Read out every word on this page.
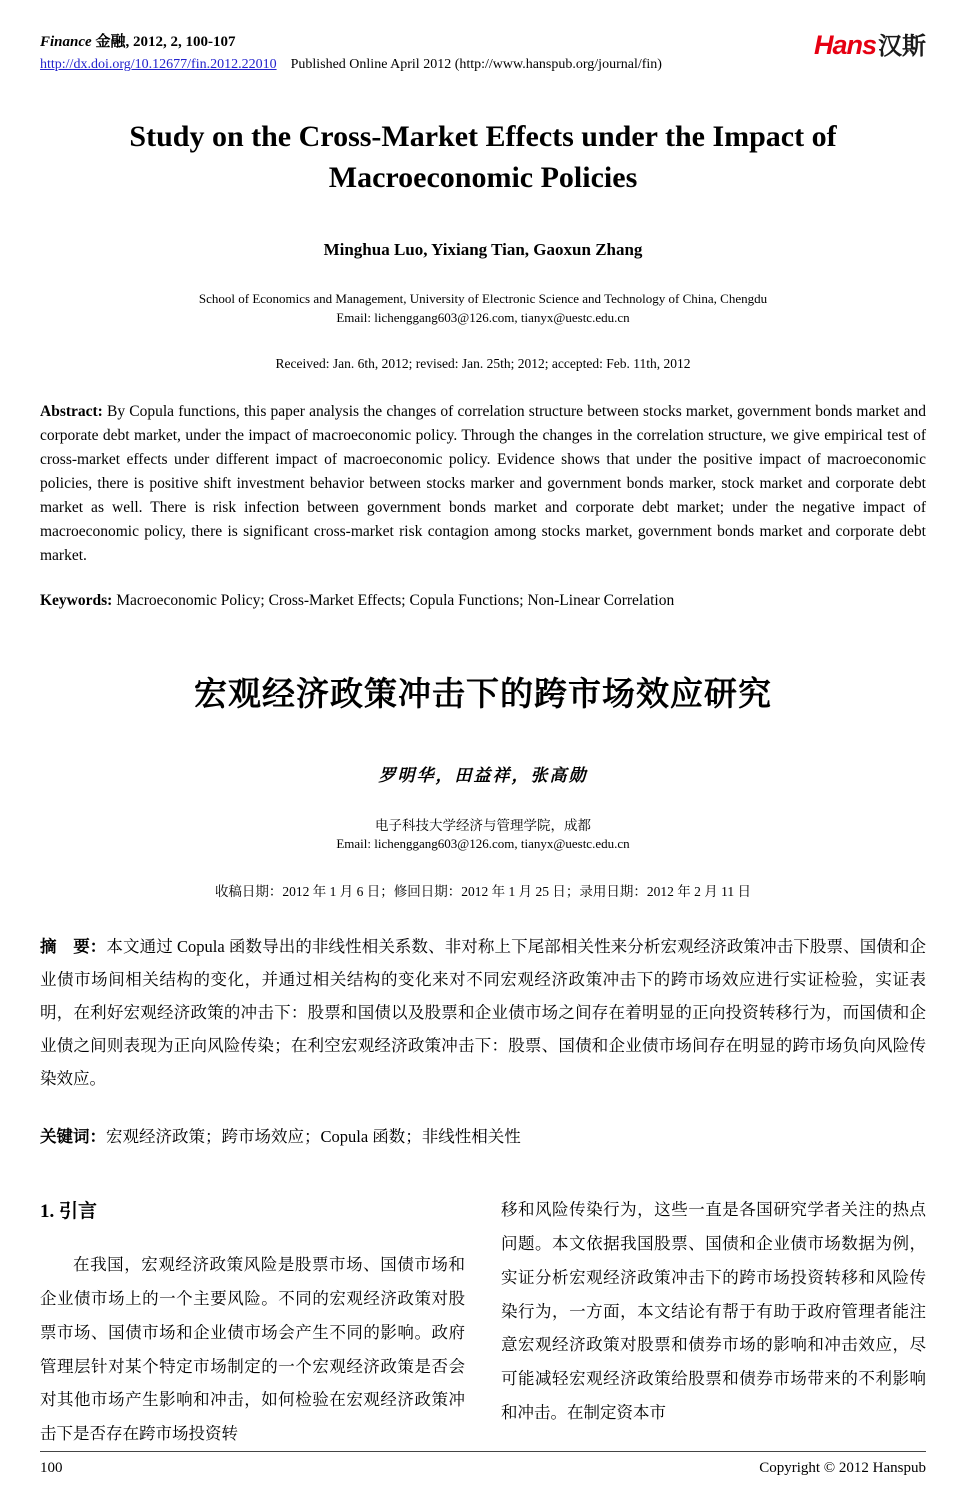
Finance 金融, 2012, 2, 100-107
http://dx.doi.org/10.12677/fin.2012.22010 Published Online April 2012 (http://www.hanspub.org/journal/fin)
Hans汉斯
Study on the Cross-Market Effects under the Impact of Macroeconomic Policies
Minghua Luo, Yixiang Tian, Gaoxun Zhang
School of Economics and Management, University of Electronic Science and Technology of China, Chengdu
Email: lichenggang603@126.com, tianyx@uestc.edu.cn
Received: Jan. 6th, 2012; revised: Jan. 25th; 2012; accepted: Feb. 11th, 2012

Abstract: By Copula functions, this paper analysis the changes of correlation structure between stocks market, government bonds market and corporate debt market, under the impact of macroeconomic policy. Through the changes in the correlation structure, we give empirical test of cross-market effects under different impact of macroeconomic policy. Evidence shows that under the positive impact of macroeconomic policies, there is positive shift investment behavior between stocks marker and government bonds marker, stock market and corporate debt market as well. There is risk infection between government bonds market and corporate debt market; under the negative impact of macroeconomic policy, there is significant cross-market risk contagion among stocks market, government bonds market and corporate debt market.

Keywords: Macroeconomic Policy; Cross-Market Effects; Copula Functions; Non-Linear Correlation

宏观经济政策冲击下的跨市场效应研究
罗明华，田益祥，张高勋
电子科技大学经济与管理学院，成都
Email: lichenggang603@126.com, tianyx@uestc.edu.cn
收稿日期：2012 年 1 月 6 日；修回日期：2012 年 1 月 25 日；录用日期：2012 年 2 月 11 日

摘　要：本文通过 Copula 函数导出的非线性相关系数、非对称上下尾部相关性来分析宏观经济政策冲击下股票、国债和企业债市场间相关结构的变化，并通过相关结构的变化来对不同宏观经济政策冲击下的跨市场效应进行实证检验，实证表明，在利好宏观经济政策的冲击下：股票和国债以及股票和企业债市场之间存在着明显的正向投资转移行为，而国债和企业债之间则表现为正向风险传染；在利空宏观经济政策冲击下：股票、国债和企业债市场间存在明显的跨市场负向风险传染效应。

关键词：宏观经济政策；跨市场效应；Copula 函数；非线性相关性

1. 引言

在我国，宏观经济政策风险是股票市场、国债市场和企业债市场上的一个主要风险。不同的宏观经济政策对股票市场、国债市场和企业债市场会产生不同的影响。政府管理层针对某个特定市场制定的一个宏观经济政策是否会对其他市场产生影响和冲击，如何检验在宏观经济政策冲击下是否存在跨市场投资转

移和风险传染行为，这些一直是各国研究学者关注的热点问题。本文依据我国股票、国债和企业债市场数据为例，实证分析宏观经济政策冲击下的跨市场投资转移和风险传染行为，一方面，本文结论有帮于有助于政府管理者能注意宏观经济政策对股票和债券市场的影响和冲击效应，尽可能减轻宏观经济政策给股票和债券市场带来的不利影响和冲击。在制定资本市

100	Copyright © 2012 Hanspub
